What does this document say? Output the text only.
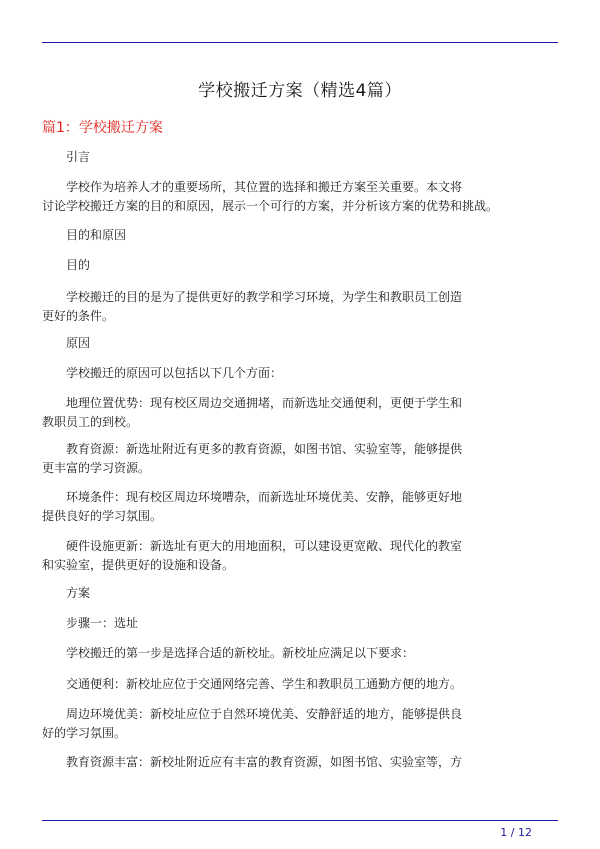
学校搬迁方案（精选4篇）
篇1：学校搬迁方案
引言
学校作为培养人才的重要场所，其位置的选择和搬迁方案至关重要。本文将
讨论学校搬迁方案的目的和原因，展示一个可行的方案，并分析该方案的优势和挑战。
目的和原因
目的
学校搬迁的目的是为了提供更好的教学和学习环境，为学生和教职员工创造
更好的条件。
原因
学校搬迁的原因可以包括以下几个方面：
地理位置优势：现有校区周边交通拥堵，而新选址交通便利，更便于学生和
教职员工的到校。
教育资源：新选址附近有更多的教育资源，如图书馆、实验室等，能够提供
更丰富的学习资源。
环境条件：现有校区周边环境嘈杂，而新选址环境优美、安静，能够更好地
提供良好的学习氛围。
硬件设施更新：新选址有更大的用地面积，可以建设更宽敞、现代化的教室
和实验室，提供更好的设施和设备。
方案
步骤一：选址
学校搬迁的第一步是选择合适的新校址。新校址应满足以下要求：
交通便利：新校址应位于交通网络完善、学生和教职员工通勤方便的地方。
周边环境优美：新校址应位于自然环境优美、安静舒适的地方，能够提供良
好的学习氛围。
教育资源丰富：新校址附近应有丰富的教育资源，如图书馆、实验室等，方
1 / 12
